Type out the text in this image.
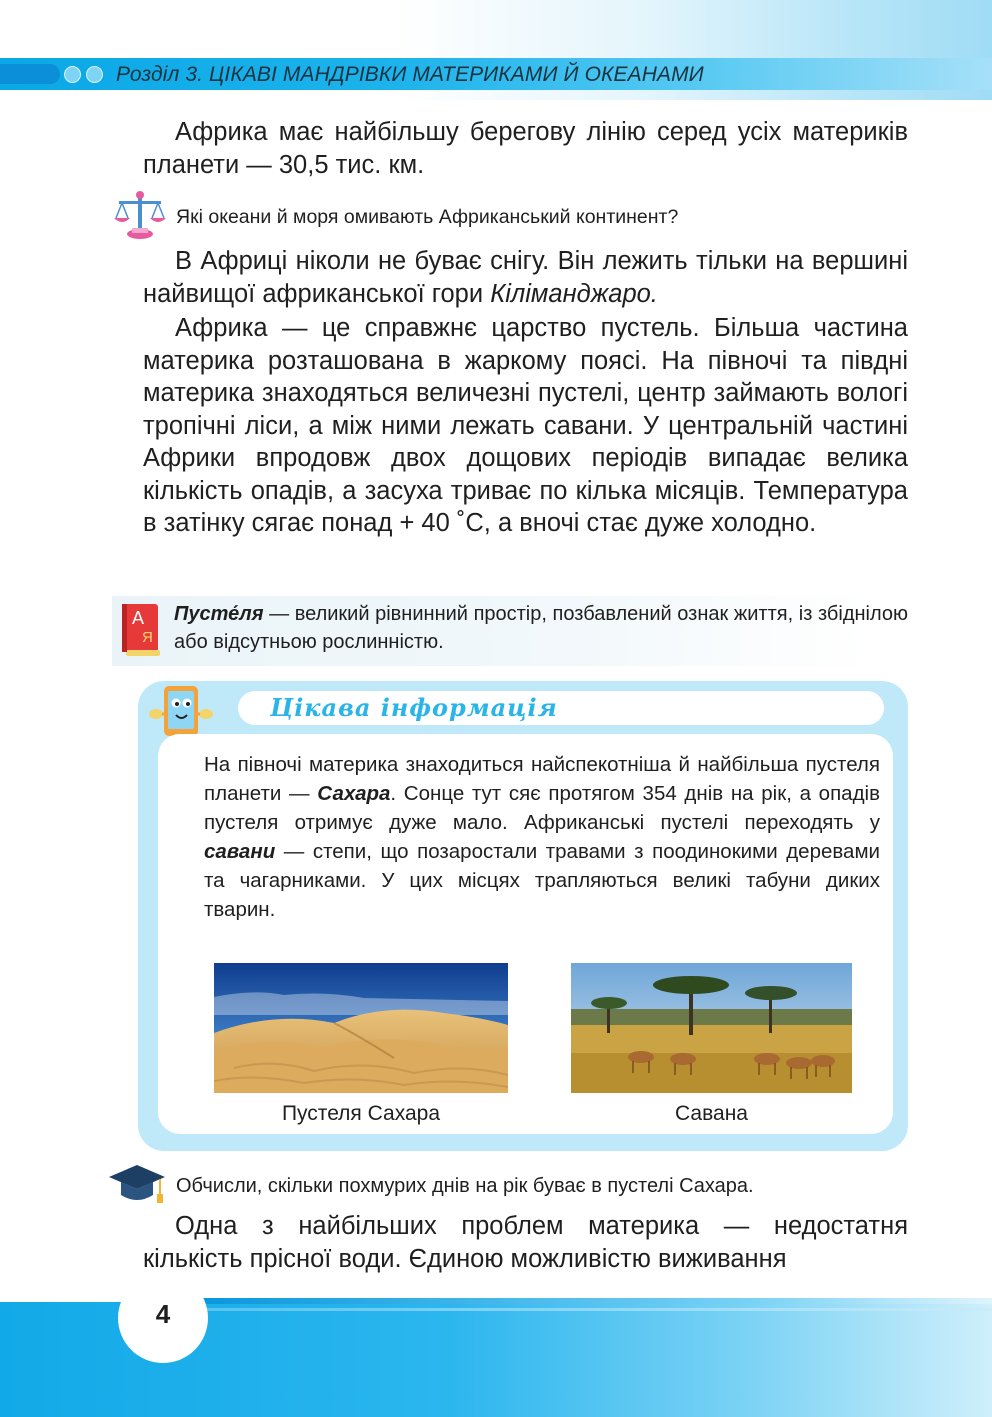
Розділ 3. ЦІКАВІ МАНДРІВКИ МАТЕРИКАМИ Й ОКЕАНАМИ

Африка має найбільшу берегову лінію серед усіх материків планети — 30,5 тис. км.

Які океани й моря омивають Африканський континент?

В Африці ніколи не буває снігу. Він лежить тільки на вершині найвищої африканської гори Кіліманджаро.

Африка — це справжнє царство пустель. Більша частина материка розташована в жаркому поясі. На півночі та півдні материка знаходяться величезні пустелі, центр займають вологі тропічні ліси, а між ними лежать савани. У центральній частині Африки впродовж двох дощових періодів випадає велика кількість опадів, а засуха триває по кілька місяців. Температура в затінку сягає понад + 40 ˚С, а вночі стає дуже холодно.

А
Я

Пусте́ля — великий рівнинний простір, позбавлений ознак життя, із збіднілою або відсутньою рослинністю.

Цікава інформація

На півночі материка знаходиться найспекотніша й найбільша пустеля планети — Сахара. Сонце тут сяє протягом 354 днів на рік, а опадів пустеля отримує дуже мало. Африканські пустелі переходять у савани — степи, що позаростали травами з поодинокими деревами та чагарниками. У цих місцях трапляються великі табуни диких тварин.

Пустеля Сахара	Савана
Обчисли, скільки похмурих днів на рік буває в пустелі Сахара.

Одна з найбільших проблем материка — недостатня кількість прісної води. Єдиною можливістю виживання

4
